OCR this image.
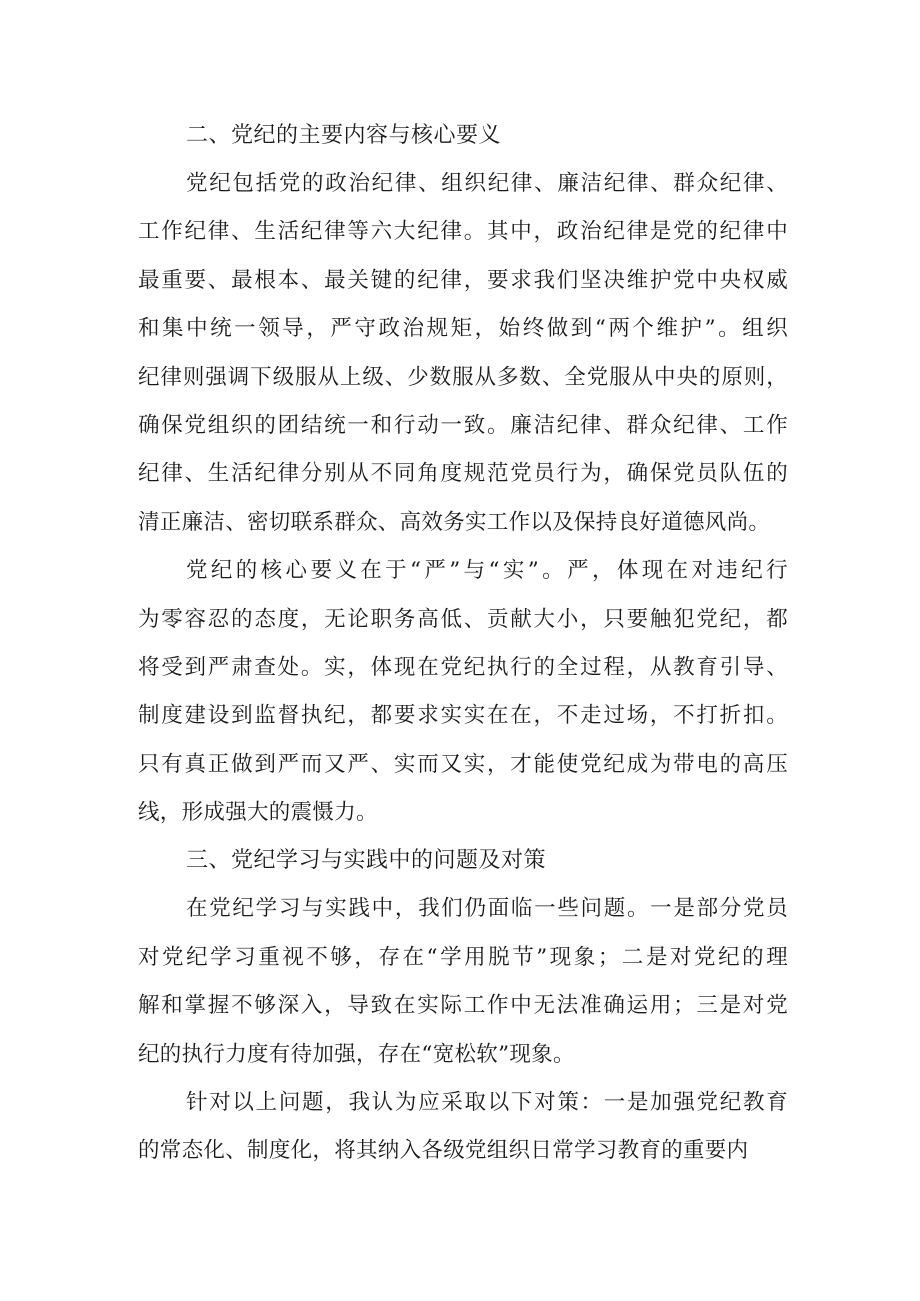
二、党纪的主要内容与核心要义
党纪包括党的政治纪律、组织纪律、廉洁纪律、群众纪律、
工作纪律、生活纪律等六大纪律。其中，政治纪律是党的纪律中
最重要、最根本、最关键的纪律，要求我们坚决维护党中央权威
和集中统一领导，严守政治规矩，始终做到“两个维护”。组织
纪律则强调下级服从上级、少数服从多数、全党服从中央的原则，
确保党组织的团结统一和行动一致。廉洁纪律、群众纪律、工作
纪律、生活纪律分别从不同角度规范党员行为，确保党员队伍的
清正廉洁、密切联系群众、高效务实工作以及保持良好道德风尚。
党纪的核心要义在于“严”与“实”。严，体现在对违纪行
为零容忍的态度，无论职务高低、贡献大小，只要触犯党纪，都
将受到严肃查处。实，体现在党纪执行的全过程，从教育引导、
制度建设到监督执纪，都要求实实在在，不走过场，不打折扣。
只有真正做到严而又严、实而又实，才能使党纪成为带电的高压
线，形成强大的震慑力。
三、党纪学习与实践中的问题及对策
在党纪学习与实践中，我们仍面临一些问题。一是部分党员
对党纪学习重视不够，存在“学用脱节”现象；二是对党纪的理
解和掌握不够深入，导致在实际工作中无法准确运用；三是对党
纪的执行力度有待加强，存在“宽松软”现象。
针对以上问题，我认为应采取以下对策：一是加强党纪教育
的常态化、制度化，将其纳入各级党组织日常学习教育的重要内
